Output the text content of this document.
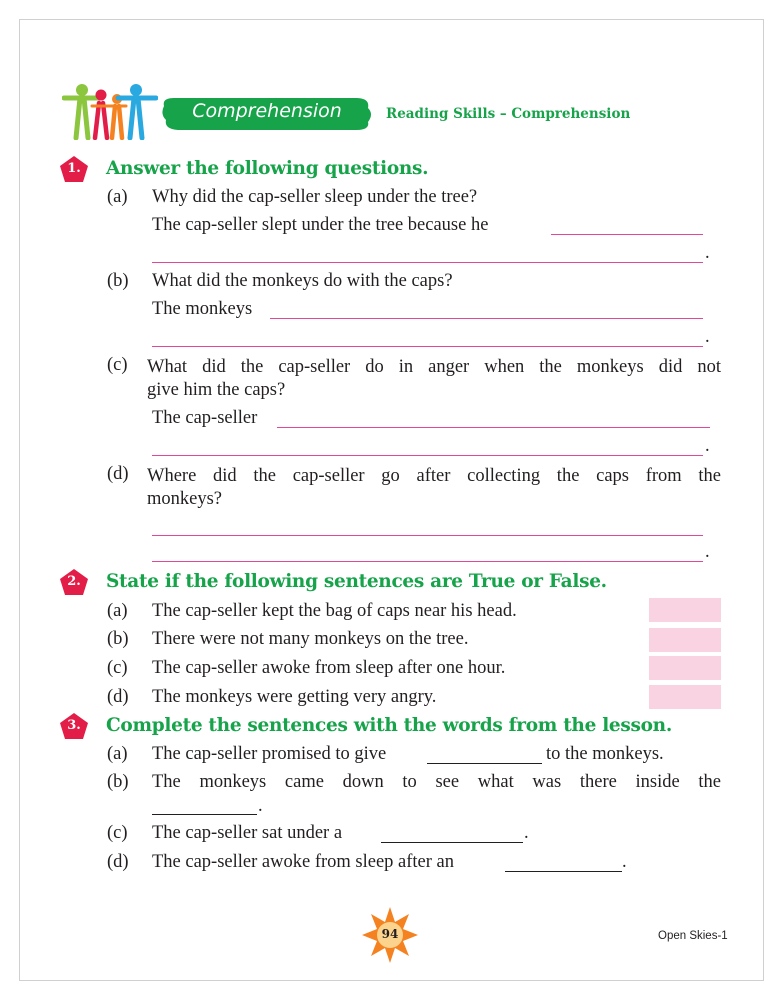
Comprehension	Reading Skills – Comprehension
1.	Answer the following questions.
(a) Why did the cap-seller sleep under the tree?
The cap-seller slept under the tree because he
.
(b) What did the monkeys do with the caps?
The monkeys
.
(c) What did the cap-seller do in anger when the monkeys did not
give him the caps?
The cap-seller
.
(d) Where did the cap-seller go after collecting the caps from the
monkeys?
.
2.	State if the following sentences are True or False.
(a) The cap-seller kept the bag of caps near his head.
(b) There were not many monkeys on the tree.
(c) The cap-seller awoke from sleep after one hour.
(d) The monkeys were getting very angry.
3.	Complete the sentences with the words from the lesson.
(a) The cap-seller promised to give	to the monkeys.
(b) The monkeys came down to see what was there inside the
.
(c) The cap-seller sat under a	.
(d) The cap-seller awoke from sleep after an	.
94	Open Skies-1
